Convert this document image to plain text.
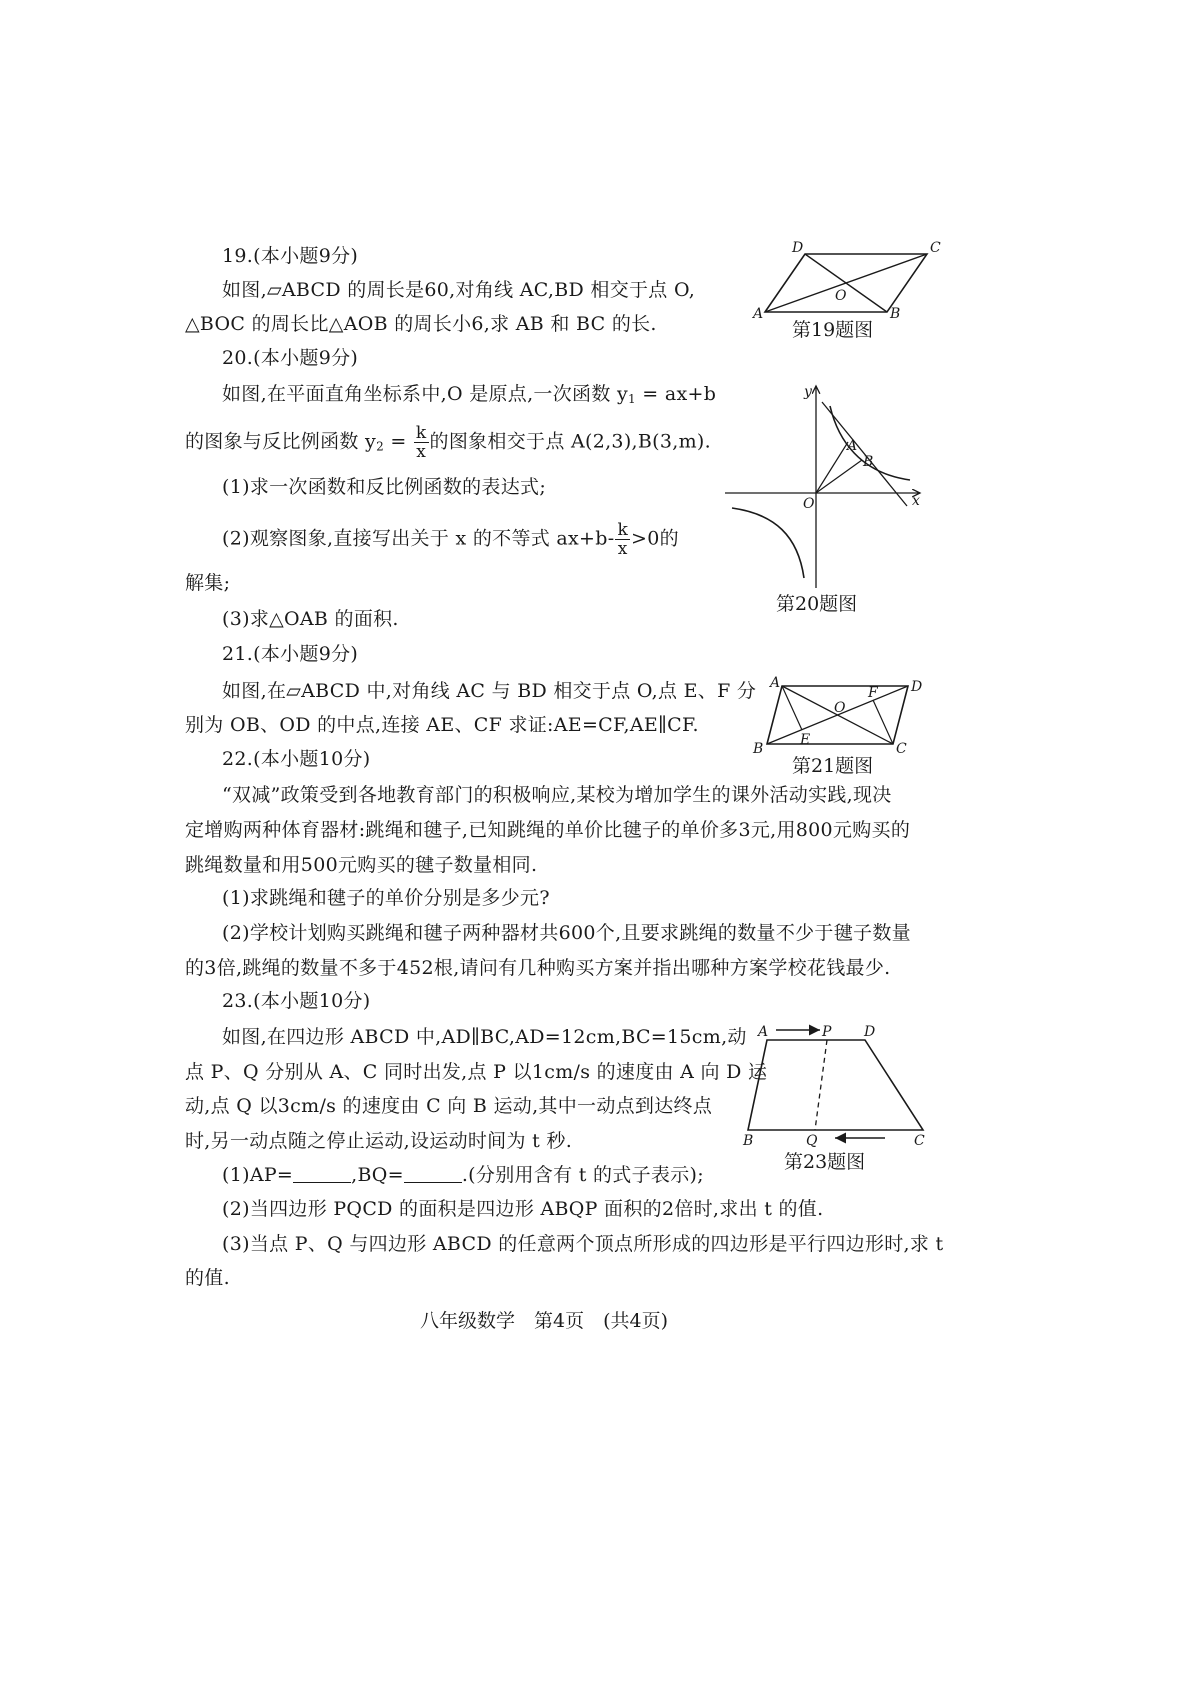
19.(本小题9分)
如图,▱ABCD 的周长是60,对角线 AC,BD 相交于点 O,
△BOC 的周长比△AOB 的周长小6,求 AB 和 BC 的长.
D	C
A	B
O
第19题图
20.(本小题9分)
如图,在平面直角坐标系中,O 是原点,一次函数 $y_1 = ax+b$
的图象与反比例函数 $y_2 = \frac{k}{x}$ 的图象相交于点 A(2,3),B(3,m).
(1)求一次函数和反比例函数的表达式;
(2)观察图象,直接写出关于 x 的不等式 $ax+b- \frac{k}{x} >0$的
解集;
(3)求△OAB 的面积.
y
x
O
A
B
第20题图
21.(本小题9分)
如图,在▱ABCD 中,对角线 AC 与 BD 相交于点 O,点 E、F 分
别为 OB、OD 的中点,连接 AE、CF 求证:AE=CF,AE∥CF.
A	D
B	C
O
E
F
第21题图
22.(本小题10分)
“双减”政策受到各地教育部门的积极响应,某校为增加学生的课外活动实践,现决
定增购两种体育器材:跳绳和毽子,已知跳绳的单价比毽子的单价多3元,用800元购买的
跳绳数量和用500元购买的毽子数量相同.
(1)求跳绳和毽子的单价分别是多少元?
(2)学校计划购买跳绳和毽子两种器材共600个,且要求跳绳的数量不少于毽子数量
的3倍,跳绳的数量不多于452根,请问有几种购买方案并指出哪种方案学校花钱最少.
23.(本小题10分)
如图,在四边形 ABCD 中,AD∥BC,AD=12cm,BC=15cm,动
点 P、Q 分别从 A、C 同时出发,点 P 以1cm/s 的速度由 A 向 D 运
动,点 Q 以3cm/s 的速度由 C 向 B 运动,其中一动点到达终点
时,另一动点随之停止运动,设运动时间为 t 秒.
(1)AP=	,BQ=	.(分别用含有 t 的式子表示);
(2)当四边形 PQCD 的面积是四边形 ABQP 面积的2倍时,求出 t 的值.
(3)当点 P、Q 与四边形 ABCD 的任意两个顶点所形成的四边形是平行四边形时,求 t
的值.
A	P D
B	Q	C
第23题图
八年级数学　第4页　(共4页)
